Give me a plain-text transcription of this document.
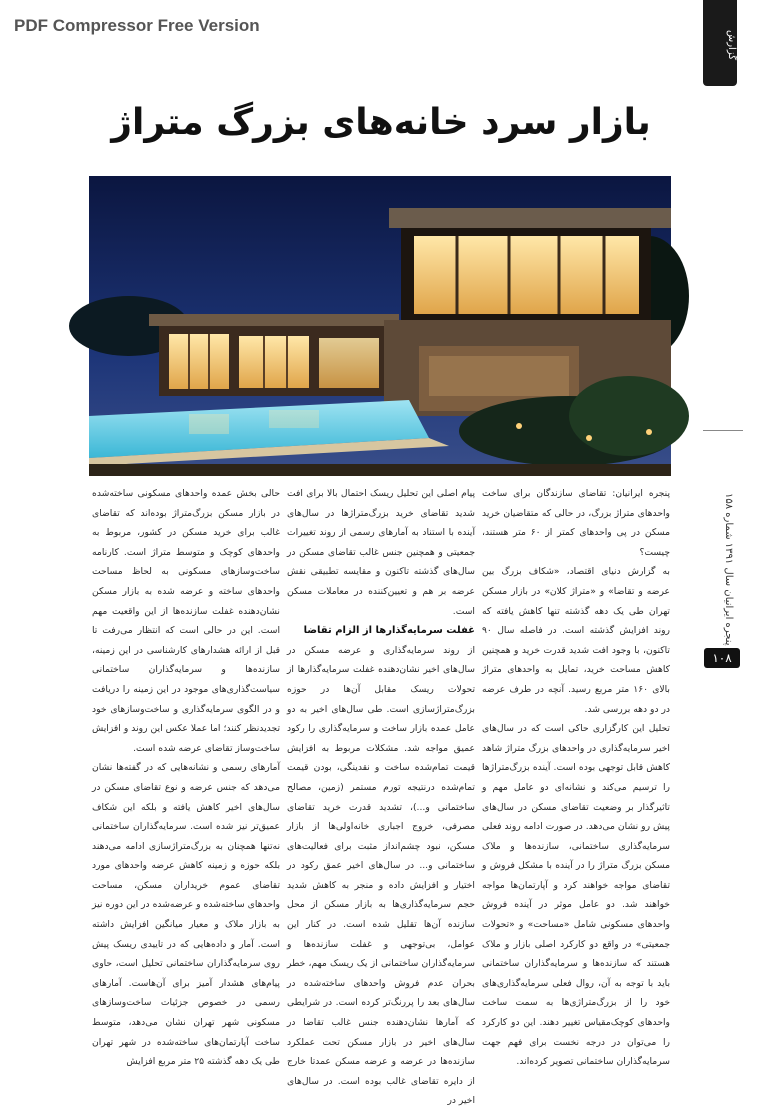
PDF Compressor Free Version
گزارش
بازار سرد خانه‌های بزرگ متراژ
پنجره ایرانیان سال ۱۳۹۱ شماره ۱۵۸
۱۰۸

پنجره ایرانیان: تقاضای سازندگان برای ساخت واحدهای متراژ بزرگ، در حالی که متقاضیان خرید مسکن در پی واحدهای کمتر از ۶۰ متر هستند، چیست؟

به گزارش دنیای اقتصاد، «شکاف بزرگ بین عرضه و تقاضا» و «متراژ کلان» در بازار مسکن تهران طی یک دهه گذشته تنها کاهش یافته که روند افزایش گذشته است. در فاصله سال ۹۰ تاکنون، با وجود افت شدید قدرت خرید و همچنین کاهش مساحت خرید، تمایل به واحدهای متراژ بالای ۱۶۰ متر مربع رسید. آنچه در طرف عرضه در دو دهه بررسی شد.

تحلیل این کارگزاری حاکی است که در سال‌های اخیر سرمایه‌گذاری در واحدهای بزرگ متراژ شاهد کاهش قابل توجهی بوده است. آینده بزرگ‌متراژها را ترسیم می‌کند و نشانه‌ای دو عامل مهم و تاثیرگذار بر وضعیت تقاضای مسکن در سال‌های پیش رو نشان می‌دهد. در صورت ادامه روند فعلی سرمایه‌گذاری ساختمانی، سازنده‌ها و ملاک مسکن بزرگ متراژ را در آینده با مشکل فروش و تقاضای مواجه خواهند کرد و آپارتمان‌ها مواجه خواهند شد. دو عامل موثر در آینده فروش واحدهای مسکونی شامل «مساحت» و «تحولات جمعیتی» در واقع دو کارکرد اصلی بازار و ملاک هستند که سازنده‌ها و سرمایه‌گذاران ساختمانی باید با توجه به آن، روال فعلی سرمایه‌گذاری‌های خود را از بزرگ‌متراژی‌ها به سمت ساخت واحدهای کوچک‌مقیاس تغییر دهند. این دو کارکرد را می‌توان در درجه نخست برای فهم جهت سرمایه‌گذاران ساختمانی تصویر کرده‌اند.

پیام اصلی این تحلیل ریسک احتمال بالا برای افت شدید تقاضای خرید بزرگ‌متراژها در سال‌های آینده با استناد به آمارهای رسمی از روند تغییرات جمعیتی و همچنین جنس غالب تقاضای مسکن در سال‌های گذشته تاکنون و مقایسه تطبیقی نقش عرضه بر هم و تعیین‌کننده در معاملات مسکن است.

غفلت سرمایه‌گذارها از الزام تقاضا

از روند سرمایه‌گذاری و عرضه مسکن در سال‌های اخیر نشان‌دهنده غفلت سرمایه‌گذارها از تحولات ریسک مقابل آن‌ها در حوزه بزرگ‌متراژسازی است. طی سال‌های اخیر به دو عامل عمده بازار ساخت و سرمایه‌گذاری را رکود عمیق مواجه شد. مشکلات مربوط به افزایش قیمت تمام‌شده ساخت و نقدینگی، بودن قیمت تمام‌شده درنتیجه تورم مستمر (زمین، مصالح ساختمانی و...)، تشدید قدرت خرید تقاضای مصرفی، خروج اجباری خانه‌اولی‌ها از بازار مسکن، نبود چشم‌انداز مثبت برای فعالیت‌های ساختمانی و... در سال‌های اخیر عمق رکود در اختیار و افزایش داده و منجر به کاهش شدید حجم سرمایه‌گذاری‌ها به بازار مسکن از محل سازنده آن‌ها تقلیل شده است. در کنار این عوامل، بی‌توجهی و غفلت سازنده‌ها و سرمایه‌گذاران ساختمانی از یک ریسک مهم، خطر بحران عدم فروش واحدهای ساخته‌شده در سال‌های بعد را پررنگ‌تر کرده است. در شرایطی که آمارها نشان‌دهنده جنس غالب تقاضا در سال‌های اخیر در بازار مسکن تحت عملکرد سازنده‌ها در عرضه و عرضه مسکن عمدتا خارج از دایره تقاضای غالب بوده است. در سال‌های اخیر در

حالی بخش عمده واحدهای مسکونی ساخته‌شده در بازار مسکن بزرگ‌متراژ بوده‌اند که تقاضای غالب برای خرید مسکن در کشور، مربوط به واحدهای کوچک و متوسط متراژ است. کارنامه ساخت‌وسازهای مسکونی به لحاظ مساحت واحدهای ساخته و عرضه شده به بازار مسکن نشان‌دهنده غفلت سازنده‌ها از این واقعیت مهم است. این در حالی است که انتظار می‌رفت تا قبل از ارائه هشدارهای کارشناسی در این زمینه، سازنده‌ها و سرمایه‌گذاران ساختمانی سیاست‌گذاری‌های موجود در این زمینه را دریافت و در الگوی سرمایه‌گذاری و ساخت‌وسازهای خود تجدیدنظر کنند؛ اما عملا عکس این روند و افزایش ساخت‌وساز تقاضای عرضه شده است.

آمارهای رسمی و نشانه‌هایی که در گفته‌ها نشان می‌دهد که جنس عرضه و نوع تقاضای مسکن در سال‌های اخیر کاهش یافته و بلکه این شکاف عمیق‌تر نیز شده است. سرمایه‌گذاران ساختمانی نه‌تنها همچنان به بزرگ‌متراژسازی ادامه می‌دهند بلکه حوزه و زمینه کاهش عرضه واحدهای مورد تقاضای عموم خریداران مسکن، مساحت واحدهای ساخته‌شده و عرضه‌شده در این دوره نیز به بازار ملاک و معیار میانگین افزایش داشته است. آمار و داده‌هایی که در تاییدی ریسک پیش روی سرمایه‌گذاران ساختمانی تحلیل است، حاوی پیام‌های هشدار آمیز برای آن‌هاست. آمارهای رسمی در خصوص جزئیات ساخت‌وسازهای مسکونی شهر تهران نشان می‌دهد، متوسط ساخت آپارتمان‌های ساخته‌شده در شهر تهران طی یک دهه گذشته ۲۵ متر مربع افزایش
